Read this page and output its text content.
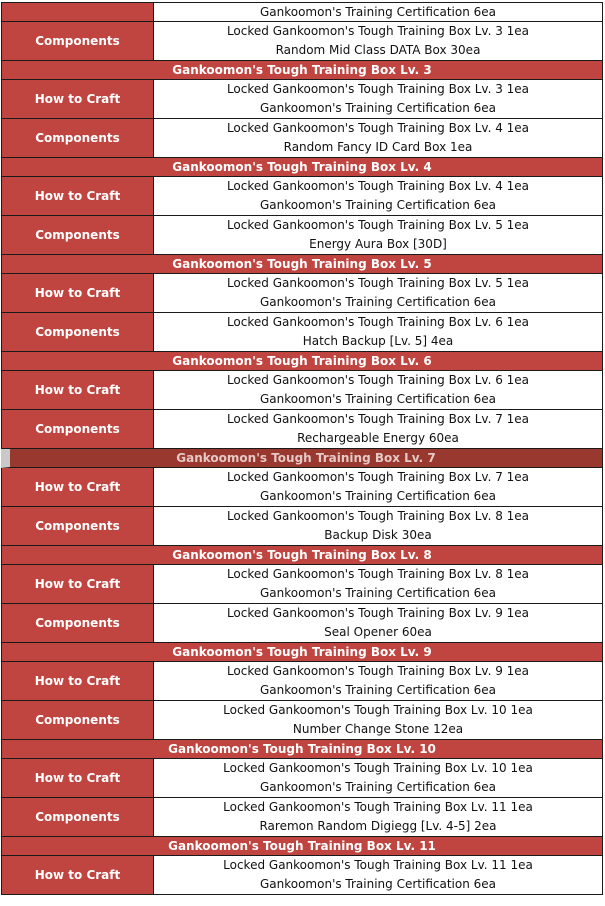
Gankoomon's Training Certification 6ea
Components
Locked Gankoomon's Tough Training Box Lv. 3 1ea
Random Mid Class DATA Box 30ea
Gankoomon's Tough Training Box Lv. 3
How to Craft
Locked Gankoomon's Tough Training Box Lv. 3 1ea
Gankoomon's Training Certification 6ea
Components
Locked Gankoomon's Tough Training Box Lv. 4 1ea
Random Fancy ID Card Box 1ea
Gankoomon's Tough Training Box Lv. 4
How to Craft
Locked Gankoomon's Tough Training Box Lv. 4 1ea
Gankoomon's Training Certification 6ea
Components
Locked Gankoomon's Tough Training Box Lv. 5 1ea
Energy Aura Box [30D]
Gankoomon's Tough Training Box Lv. 5
How to Craft
Locked Gankoomon's Tough Training Box Lv. 5 1ea
Gankoomon's Training Certification 6ea
Components
Locked Gankoomon's Tough Training Box Lv. 6 1ea
Hatch Backup [Lv. 5] 4ea
Gankoomon's Tough Training Box Lv. 6
How to Craft
Locked Gankoomon's Tough Training Box Lv. 6 1ea
Gankoomon's Training Certification 6ea
Components
Locked Gankoomon's Tough Training Box Lv. 7 1ea
Rechargeable Energy 60ea
Gankoomon's Tough Training Box Lv. 7
How to Craft
Locked Gankoomon's Tough Training Box Lv. 7 1ea
Gankoomon's Training Certification 6ea
Components
Locked Gankoomon's Tough Training Box Lv. 8 1ea
Backup Disk 30ea
Gankoomon's Tough Training Box Lv. 8
How to Craft
Locked Gankoomon's Tough Training Box Lv. 8 1ea
Gankoomon's Training Certification 6ea
Components
Locked Gankoomon's Tough Training Box Lv. 9 1ea
Seal Opener 60ea
Gankoomon's Tough Training Box Lv. 9
How to Craft
Locked Gankoomon's Tough Training Box Lv. 9 1ea
Gankoomon's Training Certification 6ea
Components
Locked Gankoomon's Tough Training Box Lv. 10 1ea
Number Change Stone 12ea
Gankoomon's Tough Training Box Lv. 10
How to Craft
Locked Gankoomon's Tough Training Box Lv. 10 1ea
Gankoomon's Training Certification 6ea
Components
Locked Gankoomon's Tough Training Box Lv. 11 1ea
Raremon Random Digiegg [Lv. 4-5] 2ea
Gankoomon's Tough Training Box Lv. 11
How to Craft
Locked Gankoomon's Tough Training Box Lv. 11 1ea
Gankoomon's Training Certification 6ea
